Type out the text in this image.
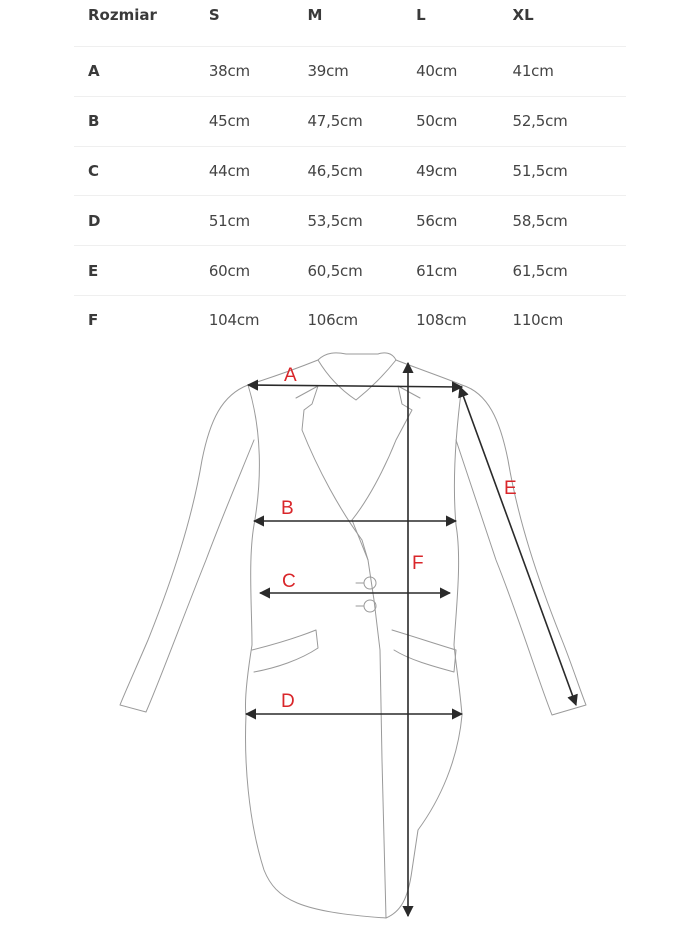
Rozmiar	S	M	L	XL
A	38cm	39cm	40cm	41cm
B	45cm	47,5cm	50cm	52,5cm
C	44cm	46,5cm	49cm	51,5cm
D	51cm	53,5cm	56cm	58,5cm
E	60cm	60,5cm	61cm	61,5cm
F	104cm	106cm	108cm	110cm
A
B
C
D
E
F
